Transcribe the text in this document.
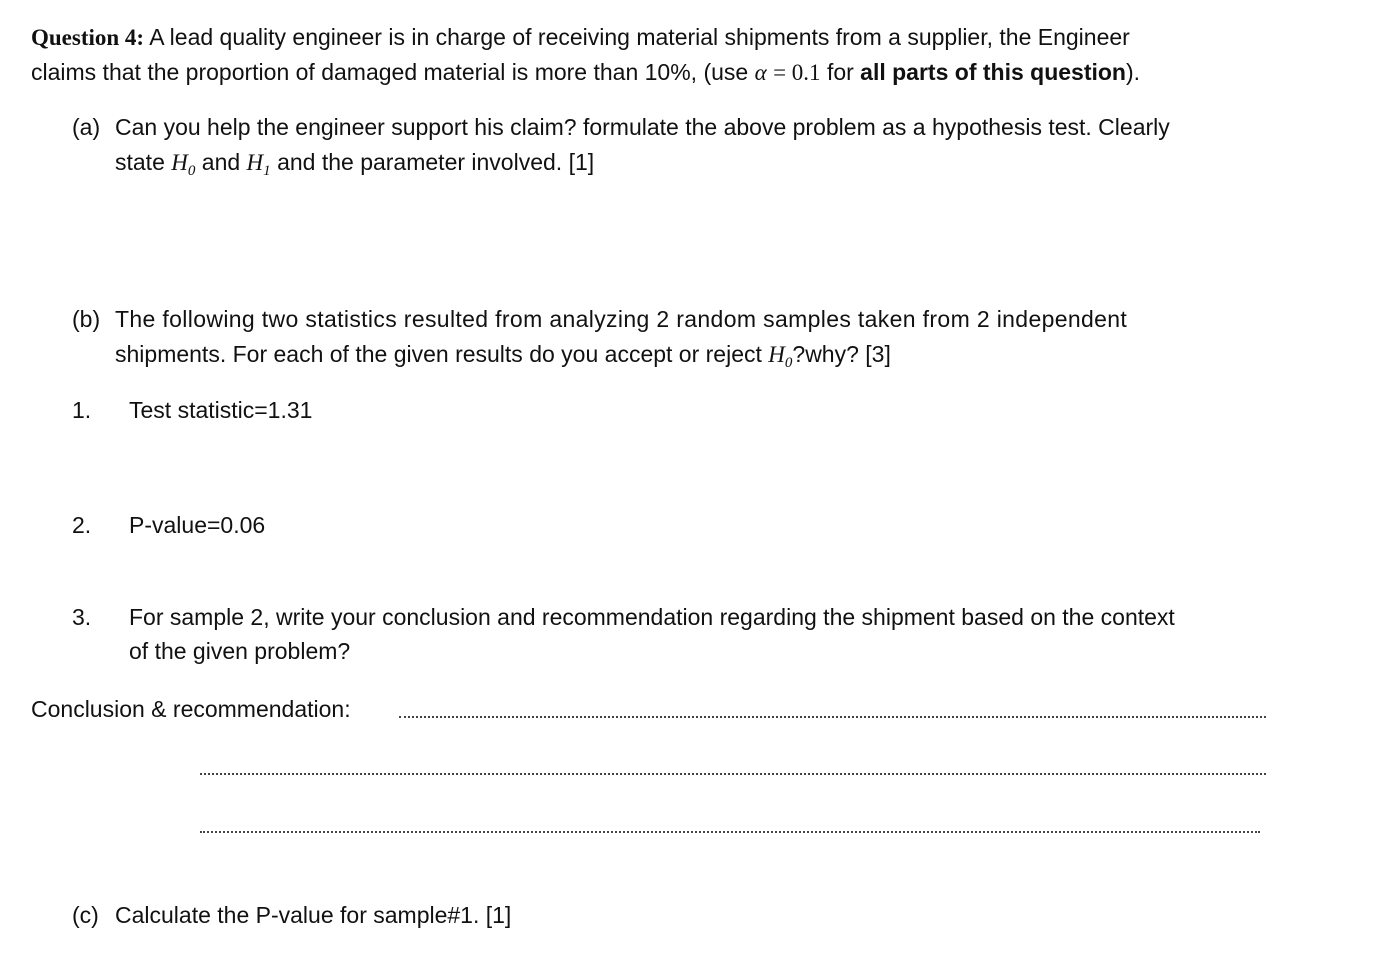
Question 4: A lead quality engineer is in charge of receiving material shipments from a supplier, the Engineer
claims that the proportion of damaged material is more than 10%, (use α = 0.1 for all parts of this question).
(a) Can you help the engineer support his claim? formulate the above problem as a hypothesis test. Clearly
state $H_0$ and $H_1$ and the parameter involved. [1]
(b) The following two statistics resulted from analyzing 2 random samples taken from 2 independent
shipments. For each of the given results do you accept or reject $H_0?why$? [3]
1. Test statistic=1.31
2. P-value=0.06
3. For sample 2, write your conclusion and recommendation regarding the shipment based on the context
of the given problem?
Conclusion & recommendation:
(c) Calculate the P-value for sample#1. [1]
